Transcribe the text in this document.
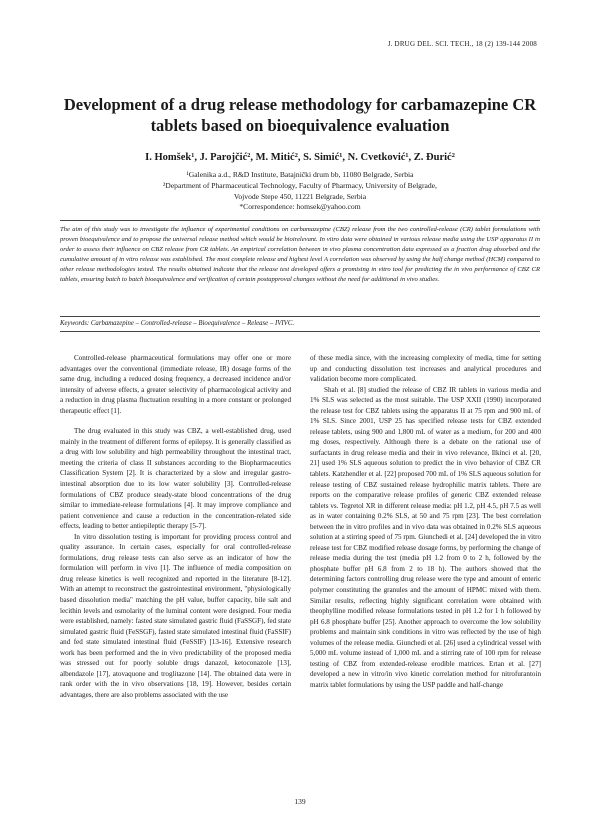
J. DRUG DEL. SCI. TECH., 18 (2) 139-144 2008
Development of a drug release methodology for carbamazepine CR tablets based on bioequivalence evaluation
I. Homšek¹, J. Parojčić², M. Mitić², S. Simić¹, N. Cvetković¹, Z. Đurić²
¹Galenika a.d., R&D Institute, Batajnički drum bb, 11080 Belgrade, Serbia
²Department of Pharmaceutical Technology, Faculty of Pharmacy, University of Belgrade,
Vojvode Stepe 450, 11221 Belgrade, Serbia
*Correspondence: homsek@yahoo.com
The aim of this study was to investigate the influence of experimental conditions on carbamazepine (CBZ) release from the two controlled-release (CR) tablet formulations with proven bioequivalence and to propose the universal release method which would be bioirelevant. In vitro data were obtained in various release media using the USP apparatus II in order to assess their influence on CBZ release from CR tablets. An empirical correlation between in vivo plasma concentration data expressed as a fraction drug absorbed and the cumulative amount of in vitro release was established. The most complete release and highest level A correlation was observed by using the half change method (HCM) compared to other release methodologies tested. The results obtained indicate that the release test developed offers a promising in vitro tool for predicting the in vivo performance of CBZ CR tablets, ensuring batch to batch bioequivalence and verification of certain postapproval changes without the need for additional in vivo studies.
Keywords: Carbamazepine – Controlled-release – Bioequivalence – Release – IVIVC.

Controlled-release pharmaceutical formulations may offer one or more advantages over the conventional (immediate release, IR) dosage forms of the same drug, including a reduced dosing frequency, a decreased incidence and/or intensity of adverse effects, a greater selectivity of pharmacological activity and a reduction in drug plasma fluctuation resulting in a more constant or prolonged therapeutic effect [1].

The drug evaluated in this study was CBZ, a well-established drug, used mainly in the treatment of different forms of epilepsy. It is generally classified as a drug with low solubility and high permeability throughout the intestinal tract, meeting the criteria of class II substances according to the Biopharmaceutics Classification System [2]. It is characterized by a slow and irregular gastro-intestinal absorption due to its low water solubility [3]. Controlled-release formulations of CBZ produce steady-state blood concentrations of the drug similar to immediate-release formulations [4]. It may improve compliance and patient convenience and cause a reduction in the concentration-related side effects, leading to better antiepileptic therapy [5-7].

In vitro dissolution testing is important for providing process control and quality assurance. In certain cases, especially for oral controlled-release formulations, drug release tests can also serve as an indicator of how the formulation will perform in vivo [1]. The influence of media composition on drug release kinetics is well recognized and reported in the literature [8-12]. With an attempt to reconstruct the gastrointestinal environment, "physiologically based dissolution media" matching the pH value, buffer capacity, bile salt and lecithin levels and osmolarity of the luminal content were designed. Four media were established, namely: fasted state simulated gastric fluid (FaSSGF), fed state simulated gastric fluid (FeSSGF), fasted state simulated intestinal fluid (FaSSIF) and fed state simulated intestinal fluid (FeSSIF) [13-16]. Extensive research work has been performed and the in vivo predictability of the proposed media was stressed out for poorly soluble drugs danazol, ketoconazole [13], albendazole [17], atovaquone and troglitazone [14]. The obtained data were in rank order with the in vivo observations [18, 19]. However, besides certain advantages, there are also problems associated with the use

of these media since, with the increasing complexity of media, time for setting up and conducting dissolution test increases and analytical procedures and validation become more complicated.

Shah et al. [8] studied the release of CBZ IR tablets in various media and 1% SLS was selected as the most suitable. The USP XXII (1990) incorporated the release test for CBZ tablets using the apparatus II at 75 rpm and 900 mL of 1% SLS. Since 2001, USP 25 has specified release tests for CBZ extended release tablets, using 900 and 1,800 mL of water as a medium, for 200 and 400 mg doses, respectively. Although there is a debate on the rational use of surfactants in drug release media and their in vivo relevance, Ilkinci et al. [20, 21] used 1% SLS aqueous solution to predict the in vivo behavior of CBZ CR tablets. Katzhendler et al. [22] proposed 700 mL of 1% SLS aqueous solution for release testing of CBZ sustained release hydrophilic matrix tablets. There are reports on the comparative release profiles of generic CBZ extended release tablets vs. Tegretol XR in different release media: pH 1.2, pH 4.5, pH 7.5 as well as in water containing 0.2% SLS, at 50 and 75 rpm [23]. The best correlation between the in vitro profiles and in vivo data was obtained in 0.2% SLS aqueous solution at a stirring speed of 75 rpm. Giunchedi et al. [24] developed the in vitro release test for CBZ modified release dosage forms, by performing the change of release media during the test (media pH 1.2 from 0 to 2 h, followed by the phosphate buffer pH 6.8 from 2 to 18 h). The authors showed that the determining factors controlling drug release were the type and amount of enteric polymer constituting the granules and the amount of HPMC mixed with them. Similar results, reflecting highly significant correlation were obtained with theophylline modified release formulations tested in pH 1.2 for 1 h followed by pH 6.8 phosphate buffer [25]. Another approach to overcome the low solubility problems and maintain sink conditions in vitro was reflected by the use of high volumes of the release media. Giunchedi et al. [26] used a cylindrical vessel with 5,000 mL volume instead of 1,000 mL and a stirring rate of 100 rpm for release testing of CBZ from extended-release erodible matrices. Ertan et al. [27] developed a new in vitro/in vivo kinetic correlation method for nitrofurantoin matrix tablet formulations by using the USP paddle and half-change

139
